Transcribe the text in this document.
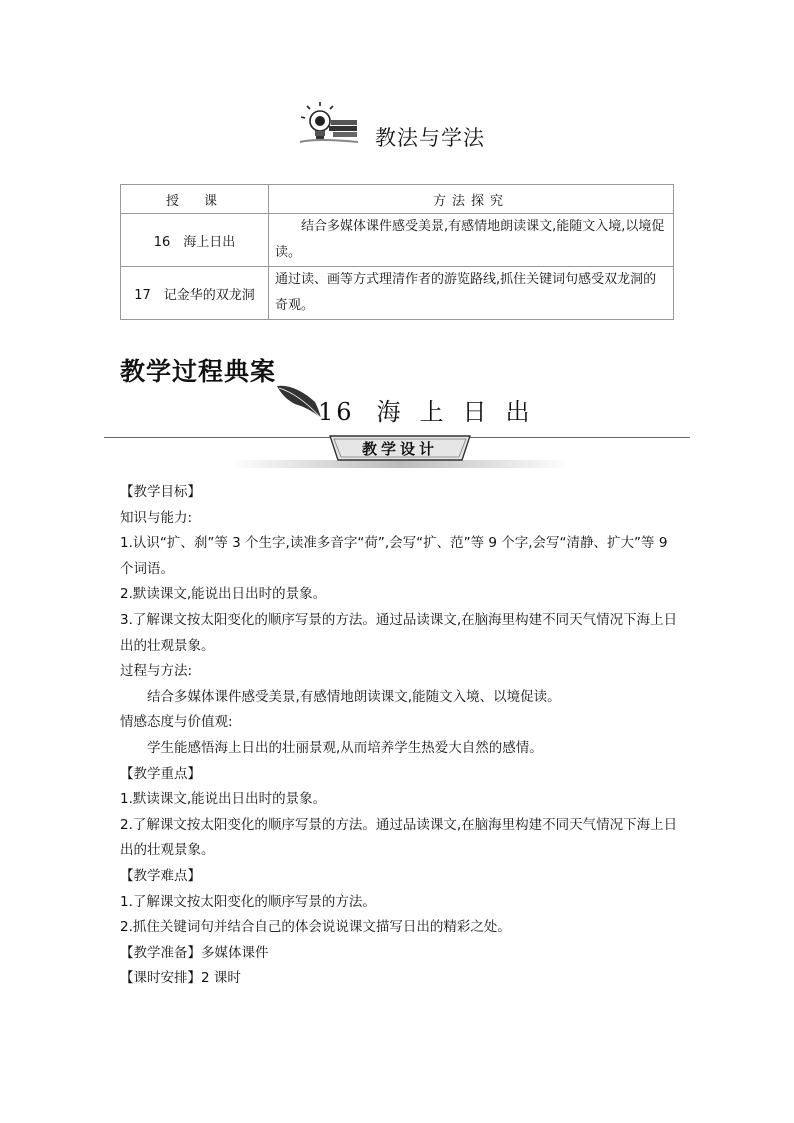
教法与学法
授　课	方法探究
16　海上日出	结合多媒体课件感受美景,有感情地朗读课文,能随文入境,以境促读。
17　记金华的双龙洞	通过读、画等方式理清作者的游览路线,抓住关键词句感受双龙洞的奇观。
教学过程典案
16 海 上 日 出
教学设计

【教学目标】

知识与能力:

1.认识“扩、刹”等 3 个生字,读准多音字“荷”,会写“扩、范”等 9 个字,会写“清静、扩大”等 9 个词语。

2.默读课文,能说出日出时的景象。

3.了解课文按太阳变化的顺序写景的方法。通过品读课文,在脑海里构建不同天气情况下海上日出的壮观景象。

过程与方法:

结合多媒体课件感受美景,有感情地朗读课文,能随文入境、以境促读。

情感态度与价值观:

学生能感悟海上日出的壮丽景观,从而培养学生热爱大自然的感情。

【教学重点】

1.默读课文,能说出日出时的景象。

2.了解课文按太阳变化的顺序写景的方法。通过品读课文,在脑海里构建不同天气情况下海上日出的壮观景象。

【教学难点】

1.了解课文按太阳变化的顺序写景的方法。

2.抓住关键词句并结合自己的体会说说课文描写日出的精彩之处。

【教学准备】多媒体课件

【课时安排】2 课时
